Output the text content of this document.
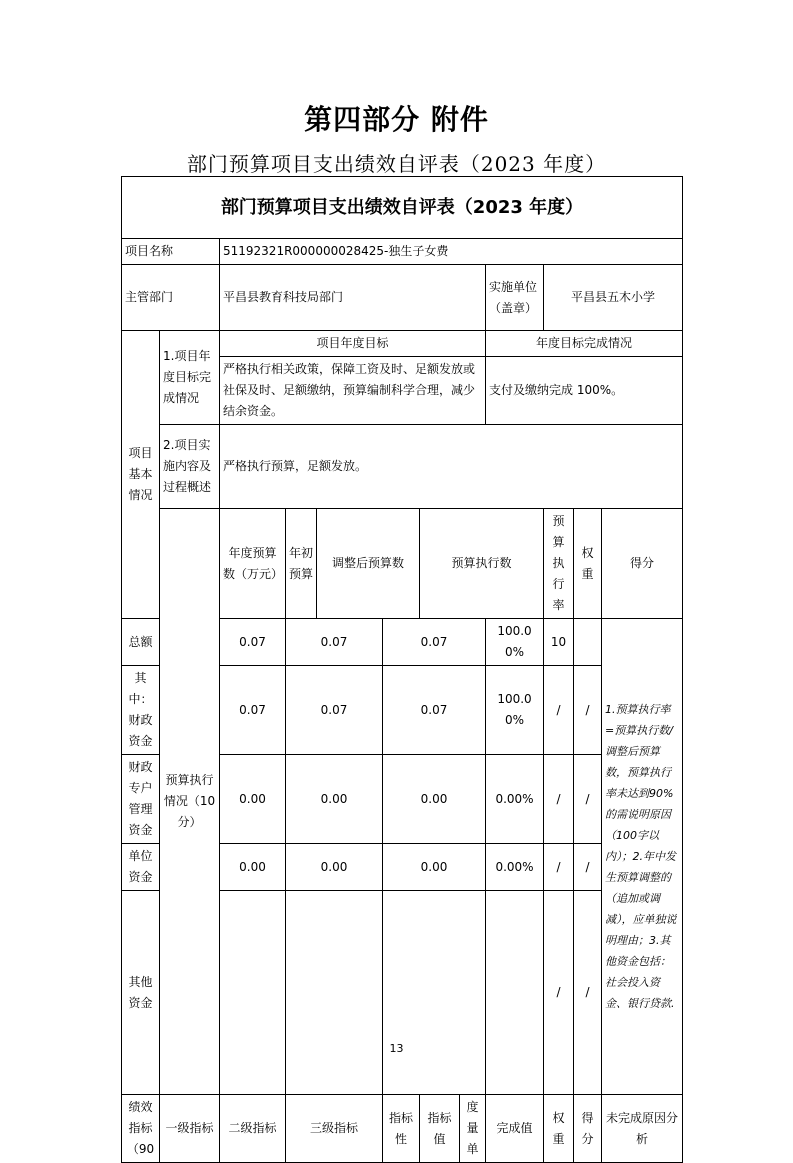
第四部分 附件
部门预算项目支出绩效自评表（2023 年度）
部门预算项目支出绩效自评表（2023 年度）												
项目名称		51192321R000000028425-独生子女费										
主管部门		平昌县教育科技局部门						实施单位（盖章）	平昌县五木小学			
项目基本情况	1.项目年度目标完成情况	项目年度目标						年度目标完成情况				
		严格执行相关政策，保障工资及时、足额发放或社保及时、足额缴纳，预算编制科学合理，减少结余资金。						支付及缴纳完成 100%。				
	2.项目实施内容及过程概述	严格执行预算，足额发放。										
	预算执行情况（10分）	年度预算数（万元）	年初预算	调整后预算数		预算执行数			预算执行率	权重	得分	
总额		0.07	0.07		0.07			100.00%	10		1.预算执行率=预算执行数/调整后预算数，预算执行率未达到90%的需说明原因（100字以内）；2.年中发生预算调整的（追加或调减），应单独说明理由；3.其他资金包括：社会投入资金、银行贷款.	
其中：财政资金		0.07	0.07		0.07			100.00%	/	/		
财政专户管理资金		0.00	0.00		0.00			0.00%	/	/		
单位资金		0.00	0.00		0.00			0.00%	/	/		
其他资金									/	/		
绩效指标（90	一级指标	二级指标	三级指标		指标性	指标值	度量单	完成值	权重	得分	未完成原因分析	
13
